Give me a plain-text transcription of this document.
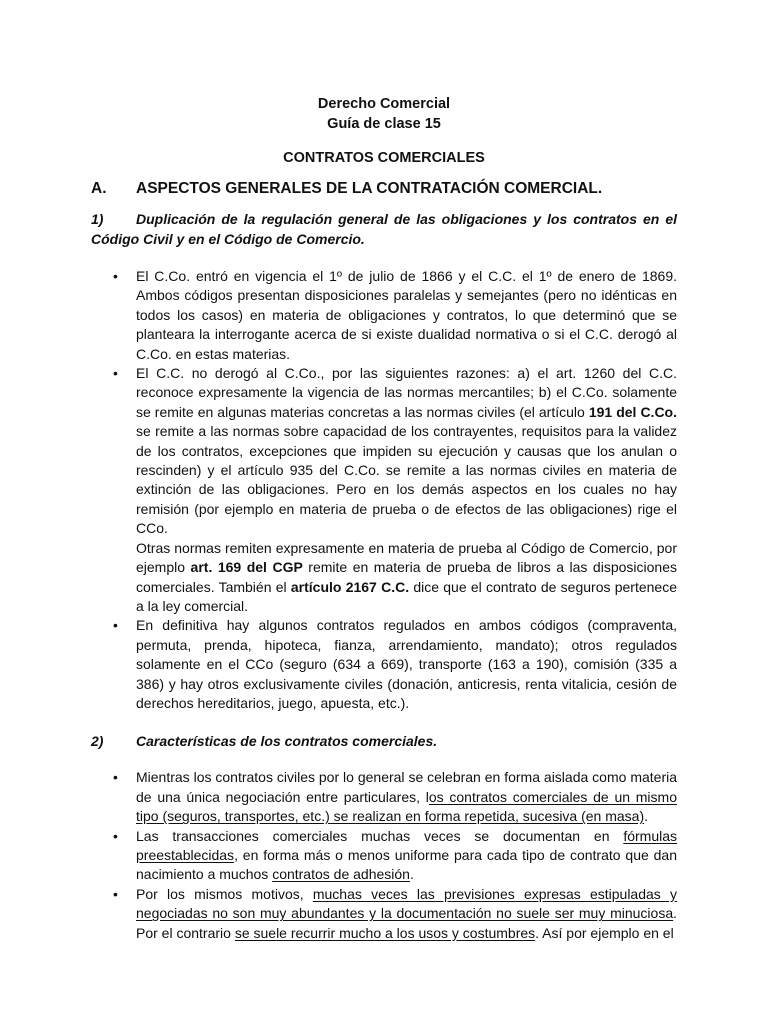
Derecho Comercial

Guía de clase 15

CONTRATOS COMERCIALES

A.	ASPECTOS GENERALES DE LA CONTRATACIÓN COMERCIAL.

1) Duplicación de la regulación general de las obligaciones y los contratos en el Código Civil y en el Código de Comercio.

• El C.Co. entró en vigencia el 1º de julio de 1866 y el C.C. el 1º de enero de 1869. Ambos códigos presentan disposiciones paralelas y semejantes (pero no idénticas en todos los casos) en materia de obligaciones y contratos, lo que determinó que se planteara la interrogante acerca de si existe dualidad normativa o si el C.C. derogó al C.Co. en estas materias.
• El C.C. no derogó al C.Co., por las siguientes razones: a) el art. 1260 del C.C. reconoce expresamente la vigencia de las normas mercantiles; b) el C.Co. solamente se remite en algunas materias concretas a las normas civiles (el artículo 191 del C.Co. se remite a las normas sobre capacidad de los contrayentes, requisitos para la validez de los contratos, excepciones que impiden su ejecución y causas que los anulan o rescinden) y el artículo 935 del C.Co. se remite a las normas civiles en materia de extinción de las obligaciones. Pero en los demás aspectos en los cuales no hay remisión (por ejemplo en materia de prueba o de efectos de las obligaciones) rige el CCo.

Otras normas remiten expresamente en materia de prueba al Código de Comercio, por ejemplo art. 169 del CGP remite en materia de prueba de libros a las disposiciones comerciales. También el artículo 2167 C.C. dice que el contrato de seguros pertenece a la ley comercial.

• En definitiva hay algunos contratos regulados en ambos códigos (compraventa, permuta, prenda, hipoteca, fianza, arrendamiento, mandato); otros regulados solamente en el CCo (seguro (634 a 669), transporte (163 a 190), comisión (335 a 386) y hay otros exclusivamente civiles (donación, anticresis, renta vitalicia, cesión de derechos hereditarios, juego, apuesta, etc.).
2)	Características de los contratos comerciales.
• Mientras los contratos civiles por lo general se celebran en forma aislada como materia de una única negociación entre particulares, los contratos comerciales de un mismo tipo (seguros, transportes, etc.) se realizan en forma repetida, sucesiva (en masa).
• Las transacciones comerciales muchas veces se documentan en fórmulas preestablecidas, en forma más o menos uniforme para cada tipo de contrato que dan nacimiento a muchos contratos de adhesión.
• Por los mismos motivos, muchas veces las previsiones expresas estipuladas y negociadas no son muy abundantes y la documentación no suele ser muy minuciosa. Por el contrario se suele recurrir mucho a los usos y costumbres. Así por ejemplo en el
